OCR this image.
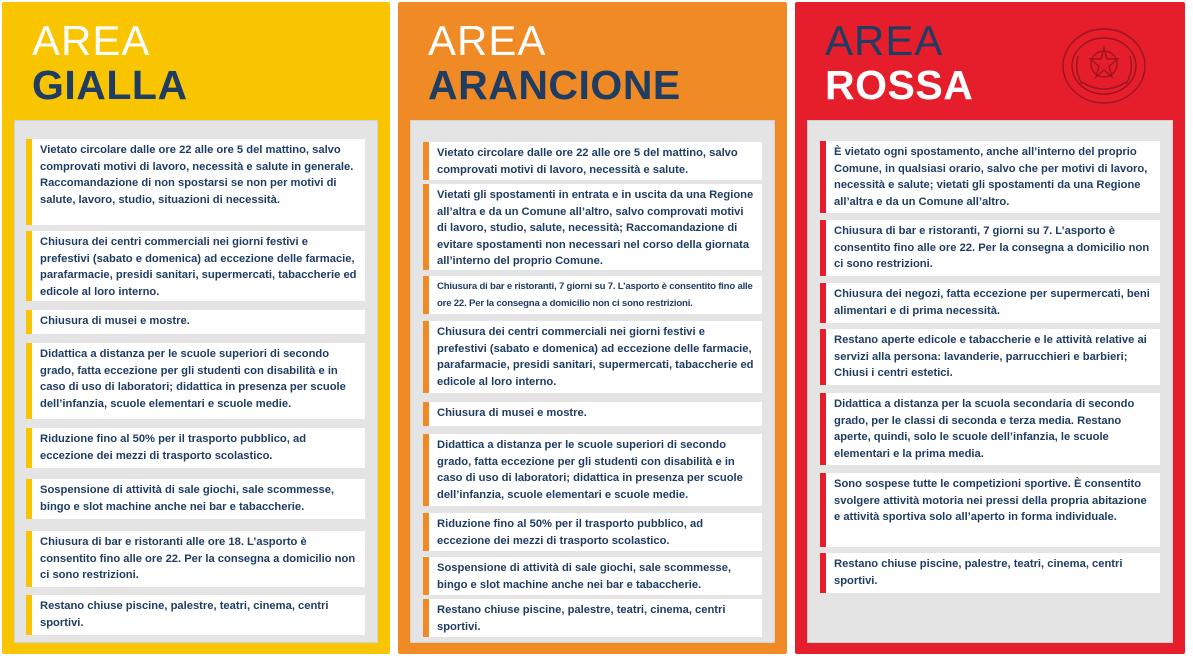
AREA
GIALLA
Vietato circolare dalle ore 22 alle ore 5 del mattino, salvo comprovati motivi di lavoro, necessità e salute in generale. Raccomandazione di non spostarsi se non per motivi di salute, lavoro, studio, situazioni di necessità.
Chiusura dei centri commerciali nei giorni festivi e prefestivi (sabato e domenica) ad eccezione delle farmacie, parafarmacie, presidi sanitari, supermercati, tabaccherie ed edicole al loro interno.
Chiusura di musei e mostre.
Didattica a distanza per le scuole superiori di secondo grado, fatta eccezione per gli studenti con disabilità e in caso di uso di laboratori; didattica in presenza per scuole dell’infanzia, scuole elementari e scuole medie.
Riduzione fino al 50% per il trasporto pubblico, ad eccezione dei mezzi di trasporto scolastico.
Sospensione di attività di sale giochi, sale scommesse, bingo e slot machine anche nei bar e tabaccherie.
Chiusura di bar e ristoranti alle ore 18. L’asporto è consentito fino alle ore 22. Per la consegna a domicilio non ci sono restrizioni.
Restano chiuse piscine, palestre, teatri, cinema, centri sportivi.
AREA
ARANCIONE
Vietato circolare dalle ore 22 alle ore 5 del mattino, salvo comprovati motivi di lavoro, necessità e salute.
Vietati gli spostamenti in entrata e in uscita da una Regione all’altra e da un Comune all’altro, salvo comprovati motivi di lavoro, studio, salute, necessità; Raccomandazione di evitare spostamenti non necessari nel corso della giornata all’interno del proprio Comune.
Chiusura di bar e ristoranti, 7 giorni su 7. L’asporto è consentito fino alle ore 22. Per la consegna a domicilio non ci sono restrizioni.
Chiusura dei centri commerciali nei giorni festivi e prefestivi (sabato e domenica) ad eccezione delle farmacie, parafarmacie, presidi sanitari, supermercati, tabaccherie ed edicole al loro interno.
Chiusura di musei e mostre.
Didattica a distanza per le scuole superiori di secondo grado, fatta eccezione per gli studenti con disabilità e in caso di uso di laboratori; didattica in presenza per scuole dell’infanzia, scuole elementari e scuole medie.
Riduzione fino al 50% per il trasporto pubblico, ad eccezione dei mezzi di trasporto scolastico.
Sospensione di attività di sale giochi, sale scommesse, bingo e slot machine anche nei bar e tabaccherie.
Restano chiuse piscine, palestre, teatri, cinema, centri sportivi.
AREA
ROSSA
È vietato ogni spostamento, anche all’interno del proprio Comune, in qualsiasi orario, salvo che per motivi di lavoro, necessità e salute; vietati gli spostamenti da una Regione all’altra e da un Comune all’altro.
Chiusura di bar e ristoranti, 7 giorni su 7. L’asporto è consentito fino alle ore 22. Per la consegna a domicilio non ci sono restrizioni.
Chiusura dei negozi, fatta eccezione per supermercati, beni alimentari e di prima necessità.
Restano aperte edicole e tabaccherie e le attività relative ai servizi alla persona: lavanderie, parrucchieri e barbieri; Chiusi i centri estetici.
Didattica a distanza per la scuola secondaria di secondo grado, per le classi di seconda e terza media. Restano aperte, quindi, solo le scuole dell’infanzia, le scuole elementari e la prima media.
Sono sospese tutte le competizioni sportive. È consentito svolgere attività motoria nei pressi della propria abitazione e attività sportiva solo all’aperto in forma individuale.
Restano chiuse piscine, palestre, teatri, cinema, centri sportivi.
